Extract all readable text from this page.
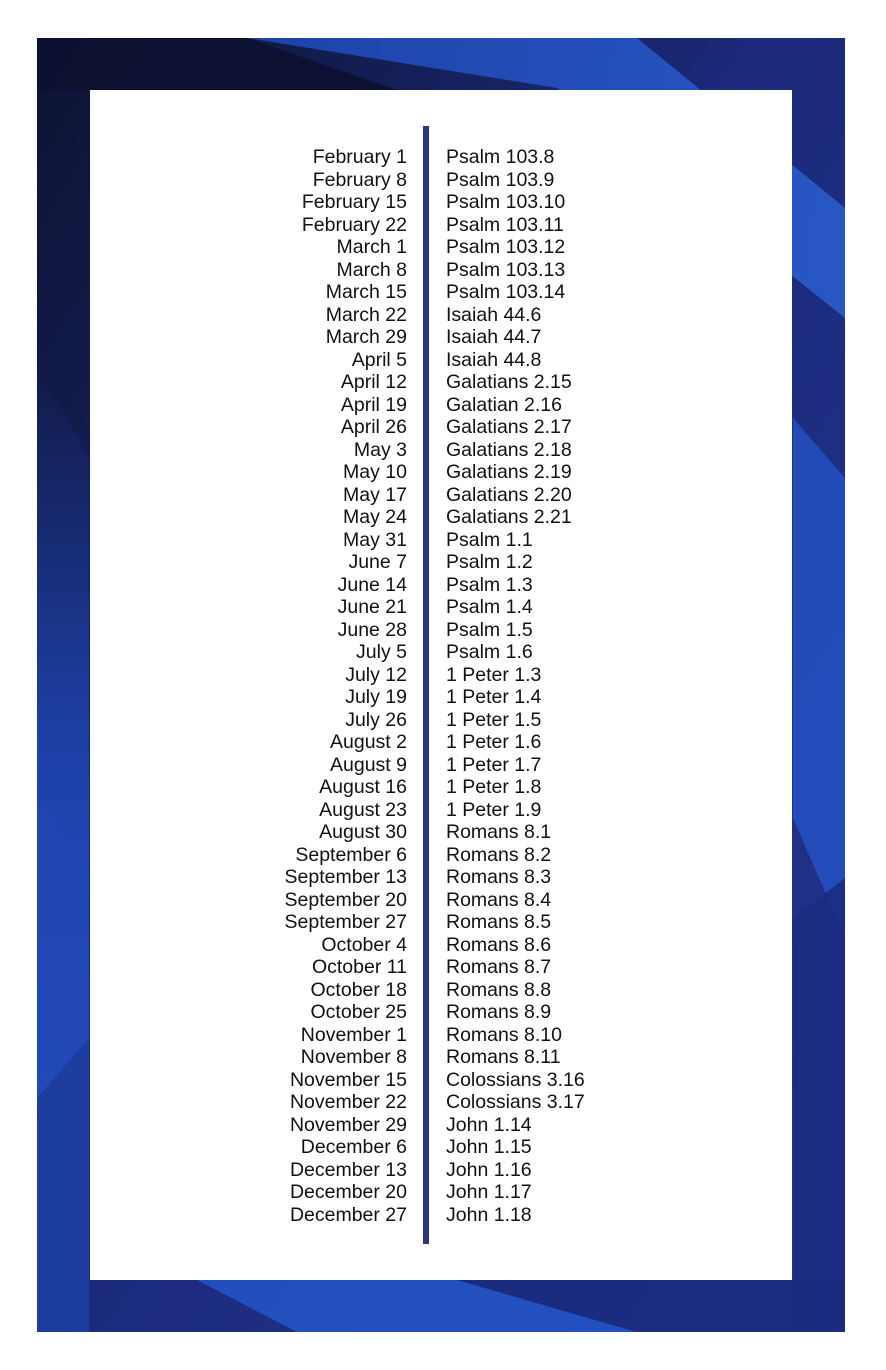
February 1
February 8
February 15
February 22
March 1
March 8
March 15
March 22
March 29
April 5
April 12
April 19
April 26
May 3
May 10
May 17
May 24
May 31
June 7
June 14
June 21
June 28
July 5
July 12
July 19
July 26
August 2
August 9
August 16
August 23
August 30
September 6
September 13
September 20
September 27
October 4
October 11
October 18
October 25
November 1
November 8
November 15
November 22
November 29
December 6
December 13
December 20
December 27
Psalm 103.8
Psalm 103.9
Psalm 103.10
Psalm 103.11
Psalm 103.12
Psalm 103.13
Psalm 103.14
Isaiah 44.6
Isaiah 44.7
Isaiah 44.8
Galatians 2.15
Galatian 2.16
Galatians 2.17
Galatians 2.18
Galatians 2.19
Galatians 2.20
Galatians 2.21
Psalm 1.1
Psalm 1.2
Psalm 1.3
Psalm 1.4
Psalm 1.5
Psalm 1.6
1 Peter 1.3
1 Peter 1.4
1 Peter 1.5
1 Peter 1.6
1 Peter 1.7
1 Peter 1.8
1 Peter 1.9
Romans 8.1
Romans 8.2
Romans 8.3
Romans 8.4
Romans 8.5
Romans 8.6
Romans 8.7
Romans 8.8
Romans 8.9
Romans 8.10
Romans 8.11
Colossians 3.16
Colossians 3.17
John 1.14
John 1.15
John 1.16
John 1.17
John 1.18
